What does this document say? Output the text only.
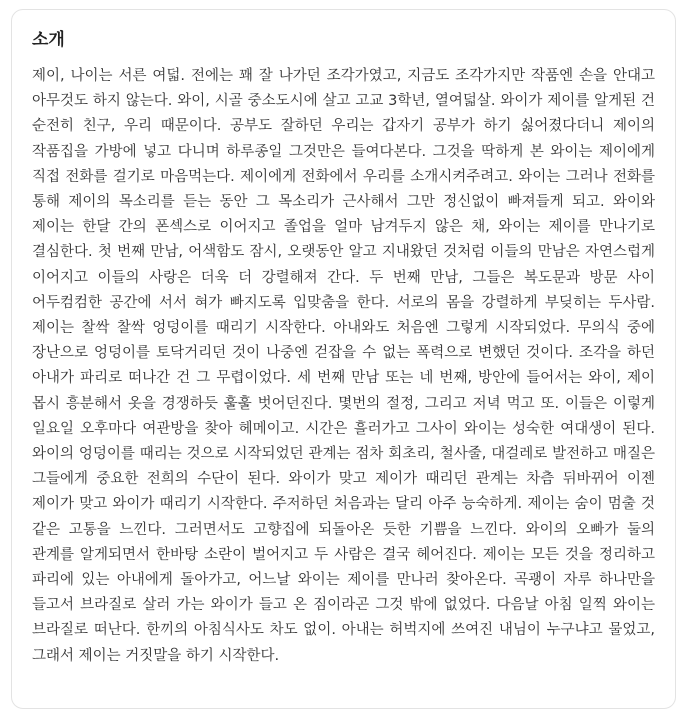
소개

제이, 나이는 서른 여덟. 전에는 꽤 잘 나가던 조각가였고, 지금도 조각가지만 작품엔 손을 안대고 아무것도 하지 않는다. 와이, 시골 중소도시에 살고 고교 3학년, 열여덟살. 와이가 제이를 알게된 건 순전히 친구, 우리 때문이다. 공부도 잘하던 우리는 갑자기 공부가 하기 싫어졌다더니 제이의 작품집을 가방에 넣고 다니며 하루종일 그것만은 들여다본다. 그것을 딱하게 본 와이는 제이에게 직접 전화를 걸기로 마음먹는다. 제이에게 전화에서 우리를 소개시켜주려고. 와이는 그러나 전화를 통해 제이의 목소리를 듣는 동안 그 목소리가 근사해서 그만 정신없이 빠져들게 되고. 와이와 제이는 한달 간의 폰섹스로 이어지고 졸업을 얼마 남겨두지 않은 채, 와이는 제이를 만나기로 결심한다. 첫 번째 만남, 어색함도 잠시, 오랫동안 알고 지내왔던 것처럼 이들의 만남은 자연스럽게 이어지고 이들의 사랑은 더욱 더 강렬해져 간다. 두 번째 만남, 그들은 복도문과 방문 사이 어두컴컴한 공간에 서서 혀가 빠지도록 입맞춤을 한다. 서로의 몸을 강렬하게 부딪히는 두사람. 제이는 찰싹 찰싹 엉덩이를 때리기 시작한다. 아내와도 처음엔 그렇게 시작되었다. 무의식 중에 장난으로 엉덩이를 토닥거리던 것이 나중엔 걷잡을 수 없는 폭력으로 변했던 것이다. 조각을 하던 아내가 파리로 떠나간 건 그 무렵이었다. 세 번째 만남 또는 네 번째, 방안에 들어서는 와이, 제이 몹시 흥분해서 옷을 경쟁하듯 훌훌 벗어던진다. 몇번의 절정, 그리고 저녁 먹고 또. 이들은 이렇게 일요일 오후마다 여관방을 찾아 헤메이고. 시간은 흘러가고 그사이 와이는 성숙한 여대생이 된다. 와이의 엉덩이를 때리는 것으로 시작되었던 관계는 점차 회초리, 철사줄, 대걸레로 발전하고 매질은 그들에게 중요한 전희의 수단이 된다. 와이가 맞고 제이가 때리던 관계는 차츰 뒤바뀌어 이젠 제이가 맞고 와이가 때리기 시작한다. 주저하던 처음과는 달리 아주 능숙하게. 제이는 숨이 멈출 것 같은 고통을 느낀다. 그러면서도 고향집에 되돌아온 듯한 기쁨을 느낀다. 와이의 오빠가 둘의 관계를 알게되면서 한바탕 소란이 벌어지고 두 사람은 결국 헤어진다. 제이는 모든 것을 정리하고 파리에 있는 아내에게 돌아가고, 어느날 와이는 제이를 만나러 찾아온다. 곡괭이 자루 하나만을 들고서 브라질로 살러 가는 와이가 들고 온 짐이라곤 그것 밖에 없었다. 다음날 아침 일찍 와이는 브라질로 떠난다. 한끼의 아침식사도 차도 없이. 아내는 허벅지에 쓰여진 내님이 누구냐고 물었고, 그래서 제이는 거짓말을 하기 시작한다.
